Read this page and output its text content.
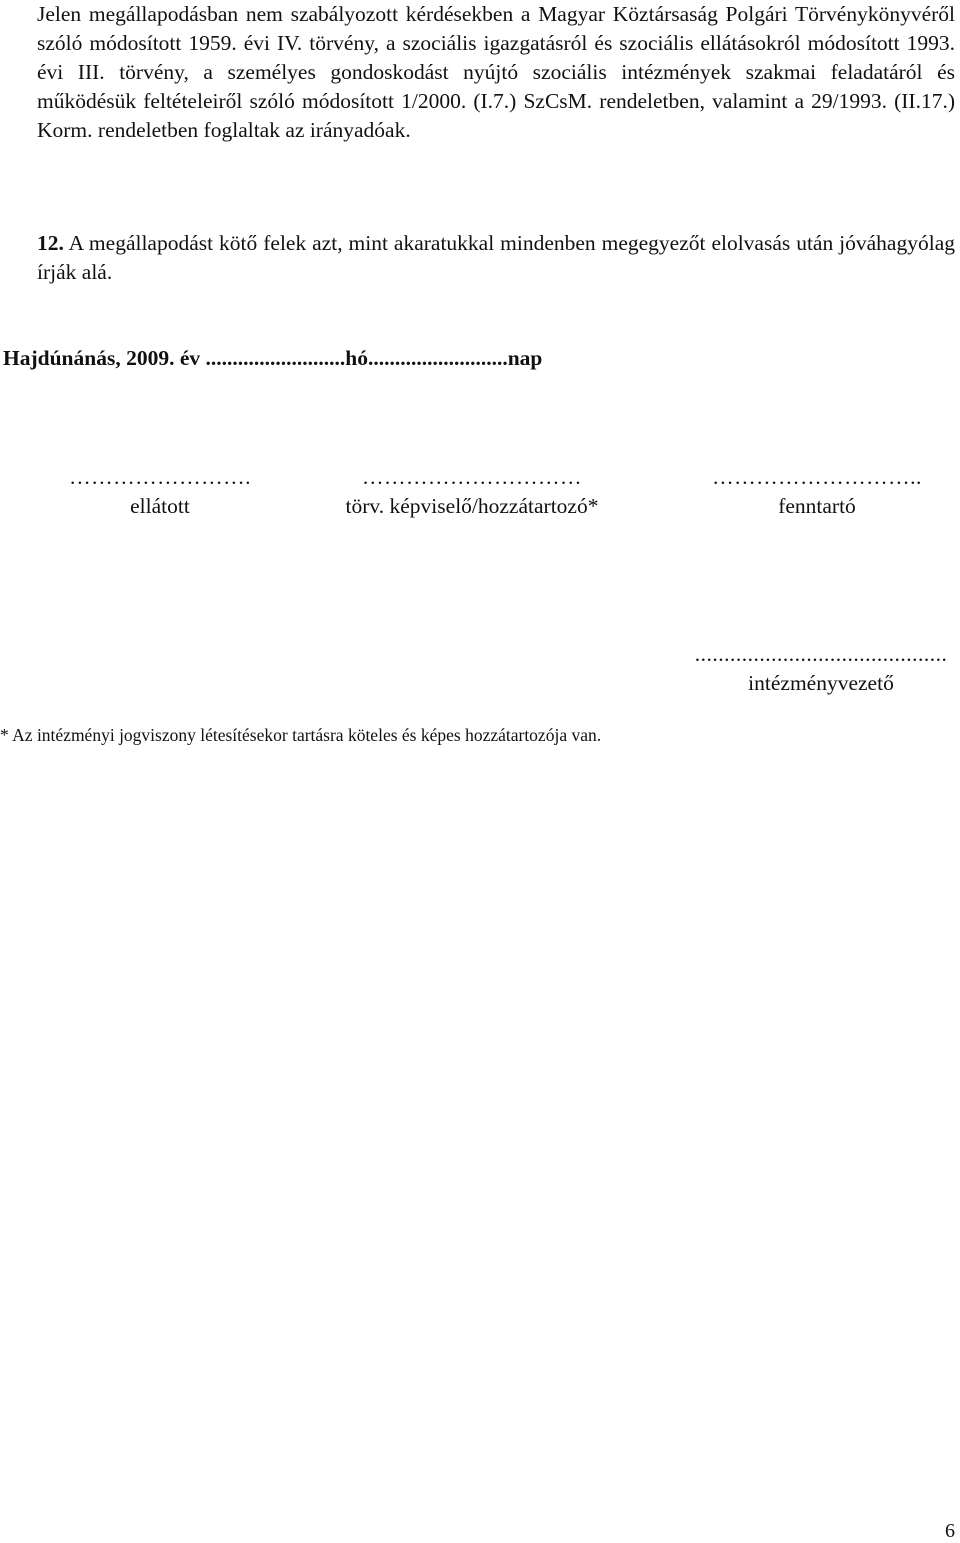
Jelen megállapodásban nem szabályozott kérdésekben a Magyar Köztársaság Polgári Törvénykönyvéről szóló módosított 1959. évi IV. törvény, a szociális igazgatásról és szociális ellátásokról módosított 1993. évi III. törvény, a személyes gondoskodást nyújtó szociális intézmények szakmai feladatáról és működésük feltételeiről szóló módosított 1/2000. (I.7.) SzCsM. rendeletben, valamint a 29/1993. (II.17.) Korm. rendeletben foglaltak az irányadóak.
12. A megállapodást kötő felek azt, mint akaratukkal mindenben megegyezőt elolvasás után jóváhagyólag írják alá.
Hajdúnánás, 2009. év ..........................hó..........................nap
…………………….
ellátott
…………………………
törv. képviselő/hozzátartozó*
………………………..
fenntartó
...........................................
intézményvezető
* Az intézményi jogviszony létesítésekor tartásra köteles és képes hozzátartozója van.
6
